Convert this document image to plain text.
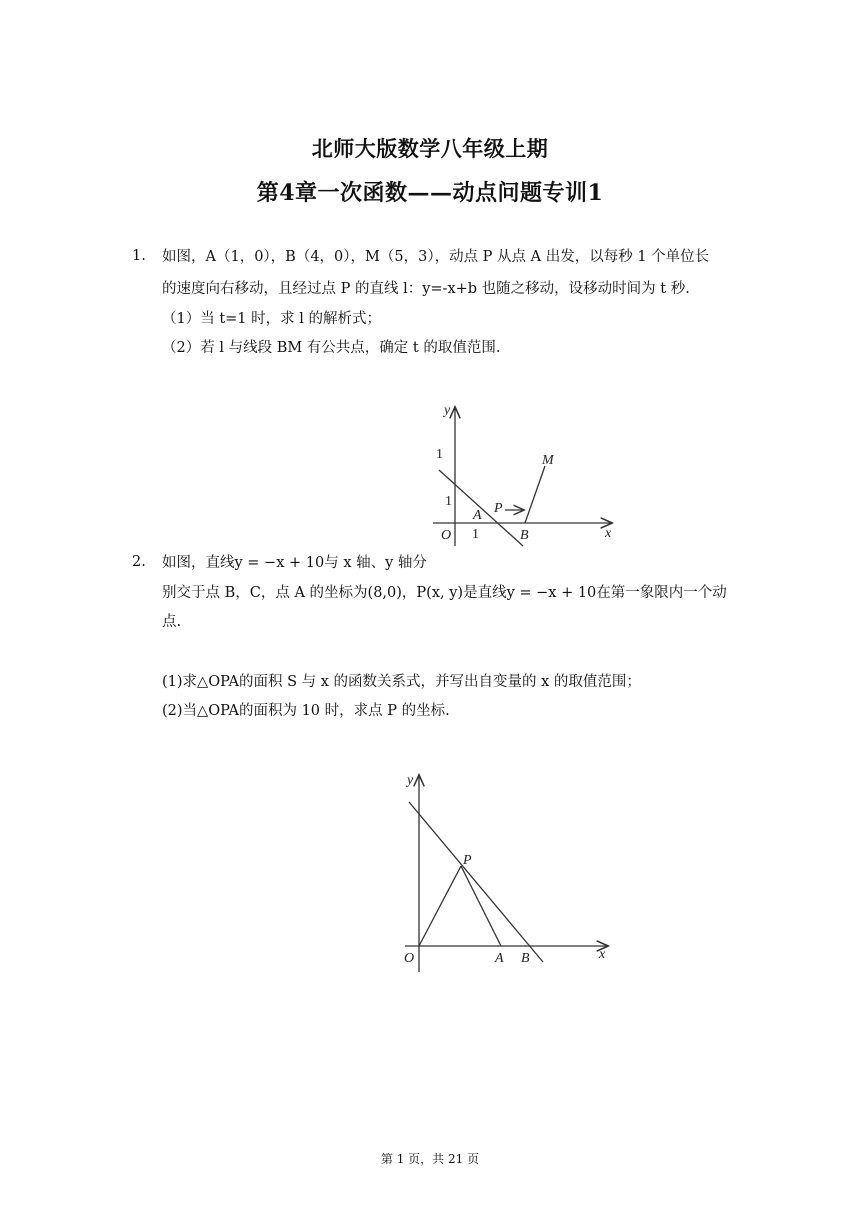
北师大版数学八年级上期
第4章一次函数——动点问题专训1
1. 如图，A（1，0），B（4，0），M（5，3），动点 P 从点 A 出发，以每秒 1 个单位长
的速度向右移动，且经过点 P 的直线 l：y=-x+b 也随之移动，设移动时间为 t 秒.
（1）当 t=1 时，求 l 的解析式；
（2）若 l 与线段 BM 有公共点，确定 t 的取值范围.
y
x
O
1
1
1
A P
B
M
2. 如图，直线y = −x + 10与 x 轴、y 轴分
别交于点 B，C，点 A 的坐标为(8,0)，P(x, y)是直线y = −x + 10在第一象限内一个动
点.
(1)求△OPA的面积 S 与 x 的函数关系式，并写出自变量的 x 的取值范围；
(2)当△OPA的面积为 10 时，求点 P 的坐标.
y
x
O
P
A B
第 1 页，共 21 页
